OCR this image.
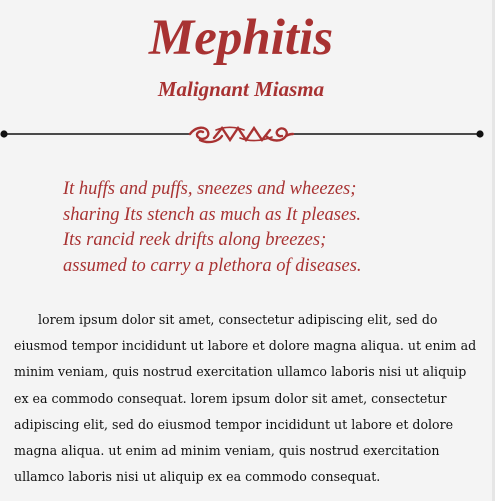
Mephitis
Malignant Miasma
It huffs and puffs, sneezes and wheezes;
sharing Its stench as much as It pleases.
Its rancid reek drifts along breezes;
assumed to carry a plethora of diseases.
lorem ipsum dolor sit amet, consectetur adipiscing elit, sed do
eiusmod tempor incididunt ut labore et dolore magna aliqua. ut enim ad
minim veniam, quis nostrud exercitation ullamco laboris nisi ut aliquip
ex ea commodo consequat. lorem ipsum dolor sit amet, consectetur
adipiscing elit, sed do eiusmod tempor incididunt ut labore et dolore
magna aliqua. ut enim ad minim veniam, quis nostrud exercitation
ullamco laboris nisi ut aliquip ex ea commodo consequat.
